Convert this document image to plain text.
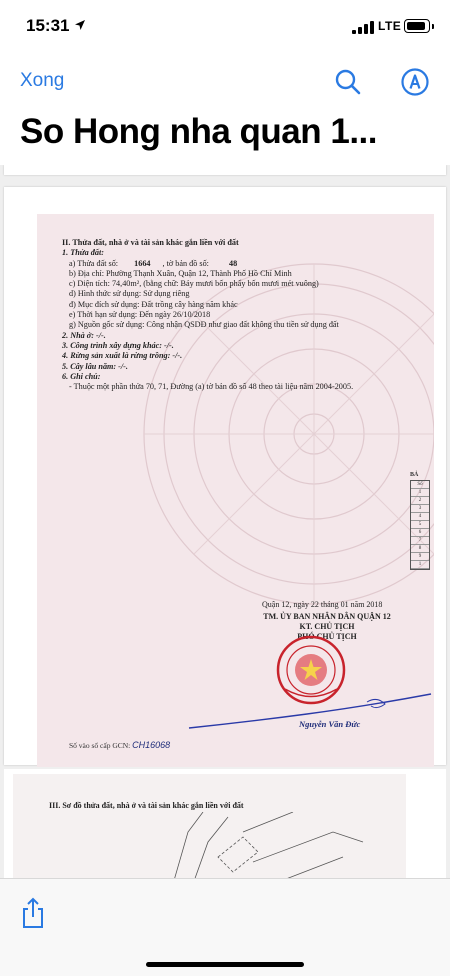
15:31	LTE
Xong
So Hong nha quan 1...
II. Thửa đất, nhà ở và tài sản khác gắn liền với đất
1. Thửa đất:
a) Thửa đất số: 1664 , tờ bản đồ số: 48
b) Địa chỉ: Phường Thạnh Xuân, Quận 12, Thành Phố Hồ Chí Minh
c) Diện tích: 74,40m², (bằng chữ: Bảy mươi bốn phẩy bốn mươi mét vuông)
d) Hình thức sử dụng: Sử dụng riêng
đ) Mục đích sử dụng: Đất trồng cây hàng năm khác
e) Thời hạn sử dụng: Đến ngày 26/10/2018
g) Nguồn gốc sử dụng: Công nhận QSDĐ như giao đất không thu tiền sử dụng đất
2. Nhà ở: -/-.
3. Công trình xây dựng khác: -/-.
4. Rừng sản xuất là rừng trồng: -/-.
5. Cây lâu năm: -/-.
6. Ghi chú:
- Thuộc một phần thửa 70, 71, Đường (a) tờ bản đồ số 48 theo tài liệu năm 2004-2005.
BẢ
Số
1
2
3
4
5
6
7
8
9
1
Quận 12, ngày 22 tháng 01 năm 2018
TM. ỦY BAN NHÂN DÂN QUẬN 12
KT. CHỦ TỊCH
PHÓ CHỦ TỊCH
Nguyễn Văn Đức
Số vào sổ cấp GCN: CH16068
III. Sơ đồ thửa đất, nhà ở và tài sản khác gắn liền với đất
